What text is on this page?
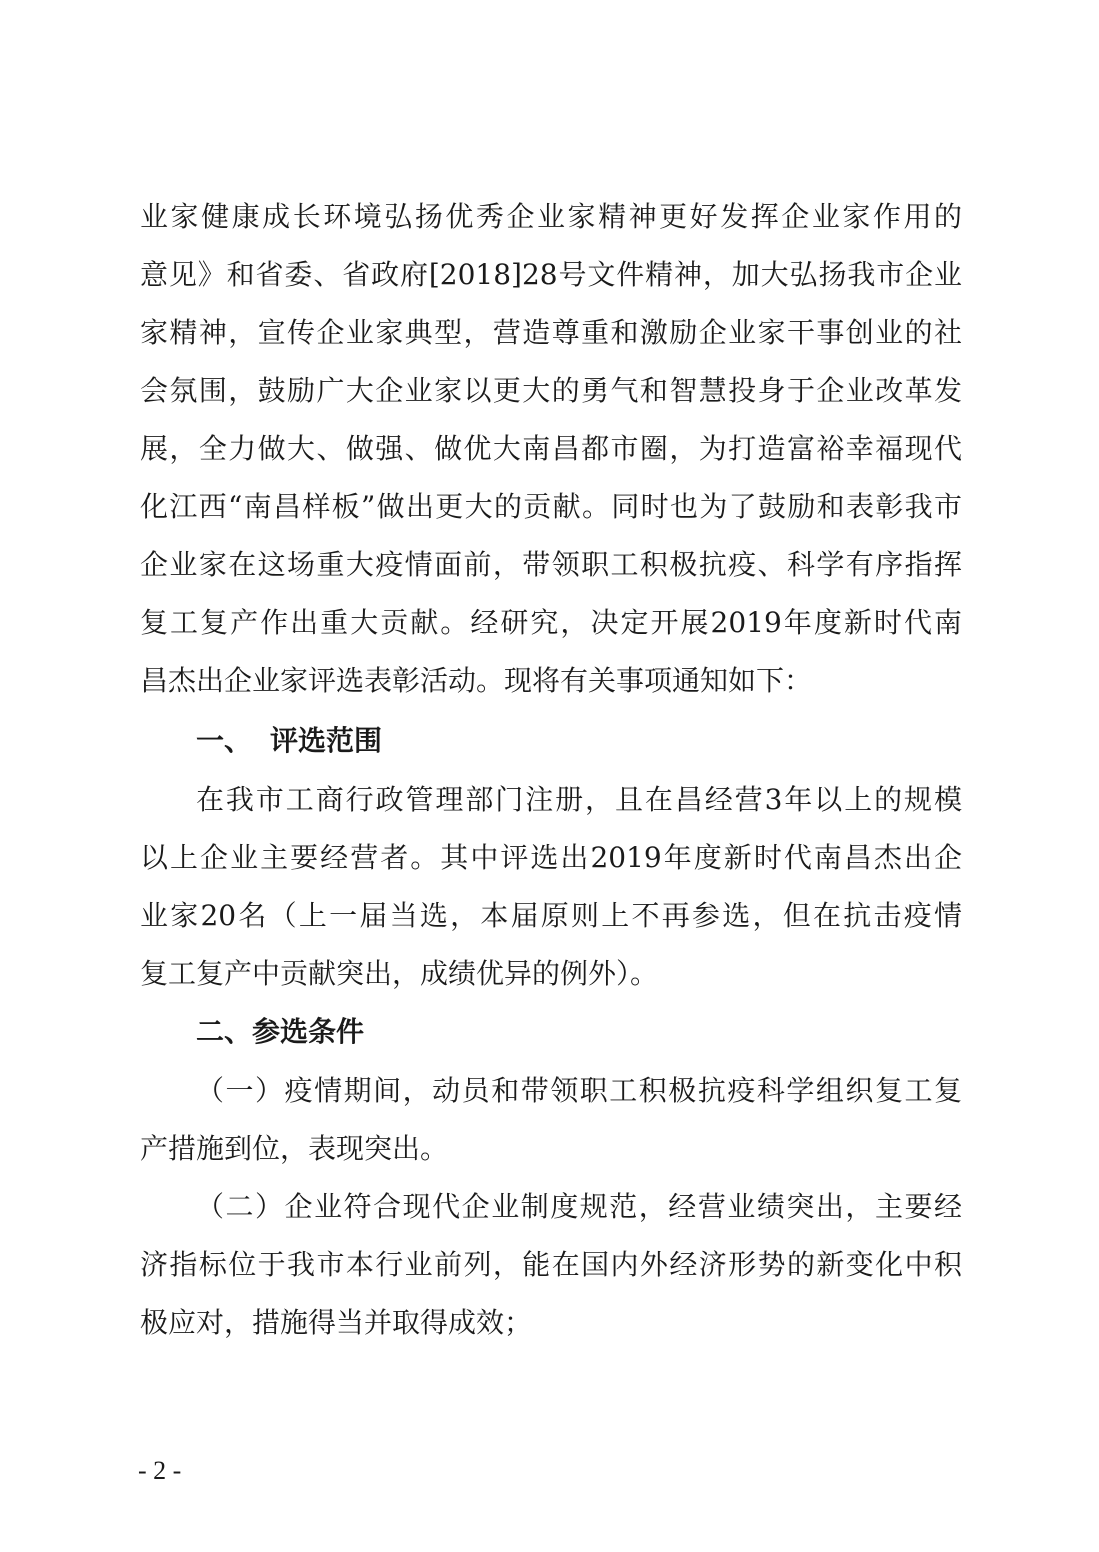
业家健康成长环境弘扬优秀企业家精神更好发挥企业家作用的
意见》和省委、省政府[2018]28号文件精神，加大弘扬我市企业
家精神，宣传企业家典型，营造尊重和激励企业家干事创业的社
会氛围，鼓励广大企业家以更大的勇气和智慧投身于企业改革发
展，全力做大、做强、做优大南昌都市圈，为打造富裕幸福现代
化江西“南昌样板”做出更大的贡献。同时也为了鼓励和表彰我市
企业家在这场重大疫情面前，带领职工积极抗疫、科学有序指挥
复工复产作出重大贡献。经研究，决定开展2019年度新时代南
昌杰出企业家评选表彰活动。现将有关事项通知如下：
一、 评选范围
在我市工商行政管理部门注册，且在昌经营3年以上的规模
以上企业主要经营者。其中评选出2019年度新时代南昌杰出企
业家20名（上一届当选，本届原则上不再参选，但在抗击疫情
复工复产中贡献突出，成绩优异的例外）。
二、参选条件
（一）疫情期间，动员和带领职工积极抗疫科学组织复工复
产措施到位，表现突出。
（二）企业符合现代企业制度规范，经营业绩突出，主要经
济指标位于我市本行业前列，能在国内外经济形势的新变化中积
极应对，措施得当并取得成效；
- 2 -
